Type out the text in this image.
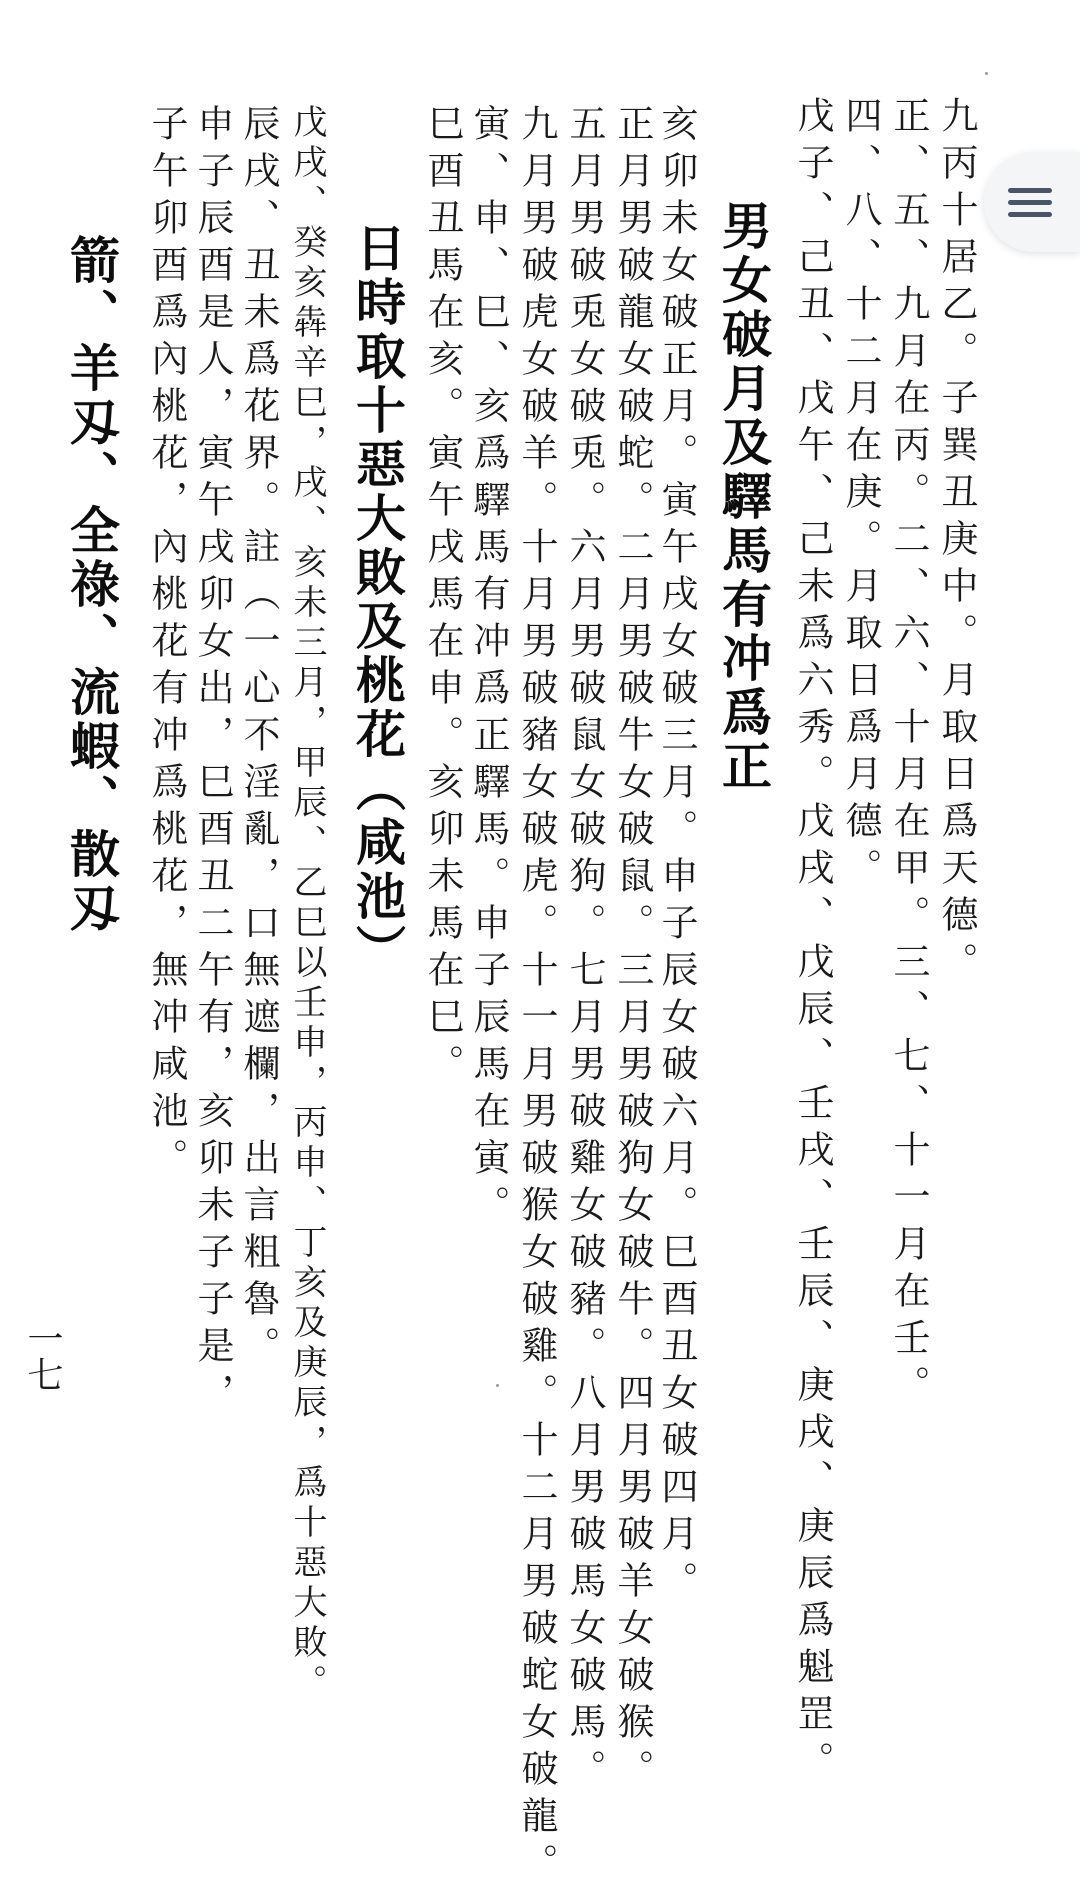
九丙十居乙。子巽丑庚中。月取日爲天德。
正、五、九月在丙。二、六、十月在甲。三、七、十一月在壬。
四、八、十二月在庚。月取日爲月德。
戊子、己丑、戊午、己未爲六秀。戊戌、戊辰、壬戌、壬辰、庚戌、庚辰爲魁罡。
男女破月及驛馬有冲爲正
亥卯未女破正月。寅午戌女破三月。申子辰女破六月。巳酉丑女破四月。
正月男破龍女破蛇。二月男破牛女破鼠。三月男破狗女破牛。四月男破羊女破猴。
五月男破兎女破兎。六月男破鼠女破狗。七月男破雞女破豬。八月男破馬女破馬。
九月男破虎女破羊。十月男破豬女破虎。十一月男破猴女破雞。十二月男破蛇女破龍。
寅、申、巳、亥爲驛馬有冲爲正驛馬。申子辰馬在寅。
巳酉丑馬在亥。寅午戌馬在申。亥卯未馬在巳。
日時取十惡大敗及桃花（咸池）
戊戌、癸亥犇辛巳，戌、亥未三月，甲辰、乙巳以壬申，丙申、丁亥及庚辰，爲十惡大敗。
辰戌、丑未爲花界。註（一心不淫亂，口無遮欄，出言粗魯。
申子辰酉是人，寅午戌卯女出，巳酉丑二午有，亥卯未子子是，
子午卯酉爲內桃花，內桃花有冲爲桃花，無冲咸池。
箭、羊刄、全祿、流蝦、散刄
一七
